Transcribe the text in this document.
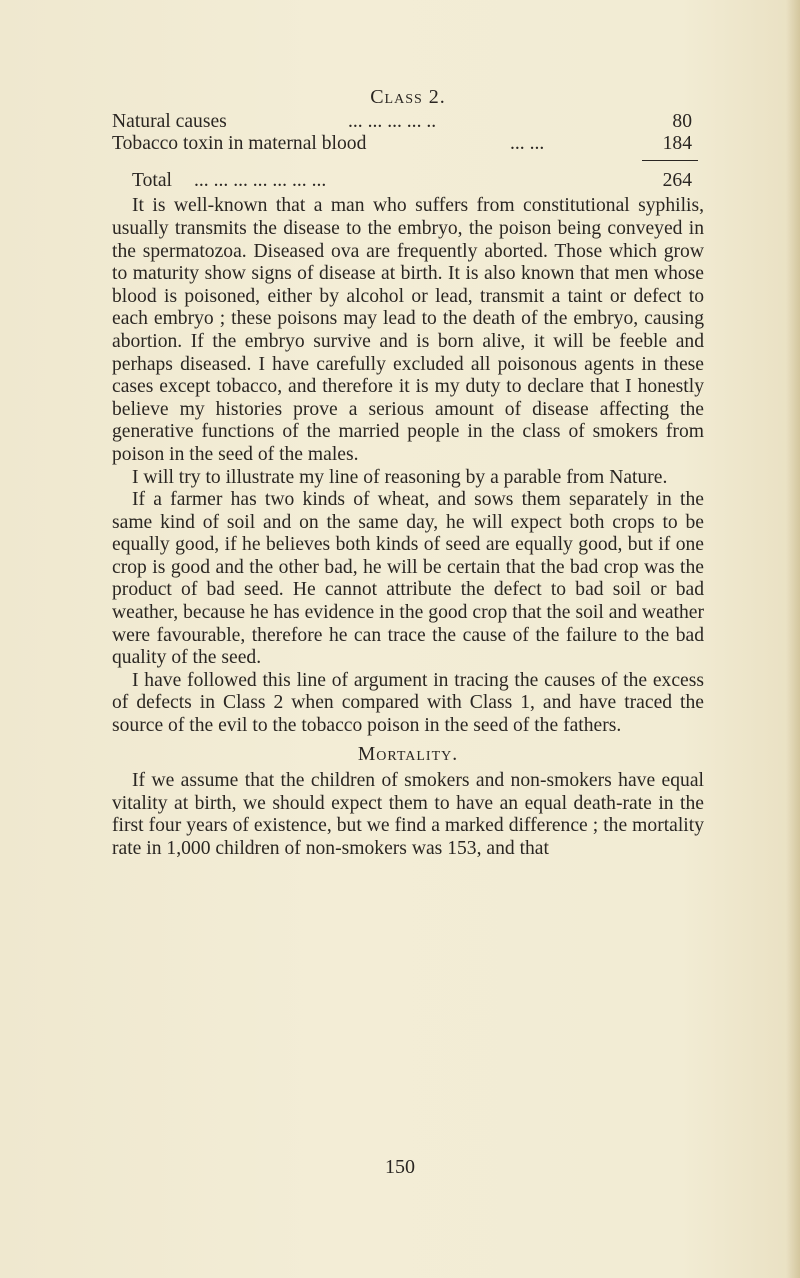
Class 2.
Natural causes	... ... ... ... ..	80
Tobacco toxin in maternal blood	... ...	184
Total ... ... ... ... ... ... ...	264

It is well-known that a man who suffers from constitutional syphilis, usually transmits the disease to the embryo, the poison being conveyed in the spermatozoa. Diseased ova are frequently aborted. Those which grow to maturity show signs of disease at birth. It is also known that men whose blood is poisoned, either by alcohol or lead, transmit a taint or defect to each embryo ; these poisons may lead to the death of the embryo, causing abortion. If the embryo survive and is born alive, it will be feeble and perhaps diseased. I have carefully excluded all poisonous agents in these cases except tobacco, and therefore it is my duty to declare that I honestly believe my histories prove a serious amount of disease affecting the generative functions of the married people in the class of smokers from poison in the seed of the males.

I will try to illustrate my line of reasoning by a parable from Nature.

If a farmer has two kinds of wheat, and sows them separately in the same kind of soil and on the same day, he will expect both crops to be equally good, if he believes both kinds of seed are equally good, but if one crop is good and the other bad, he will be certain that the bad crop was the product of bad seed. He cannot attribute the defect to bad soil or bad weather, because he has evidence in the good crop that the soil and weather were favourable, therefore he can trace the cause of the failure to the bad quality of the seed.

I have followed this line of argument in tracing the causes of the excess of defects in Class 2 when compared with Class 1, and have traced the source of the evil to the tobacco poison in the seed of the fathers.

Mortality.

If we assume that the children of smokers and non-smokers have equal vitality at birth, we should expect them to have an equal death-rate in the first four years of existence, but we find a marked difference ; the mortality rate in 1,000 children of non-smokers was 153, and that

150
